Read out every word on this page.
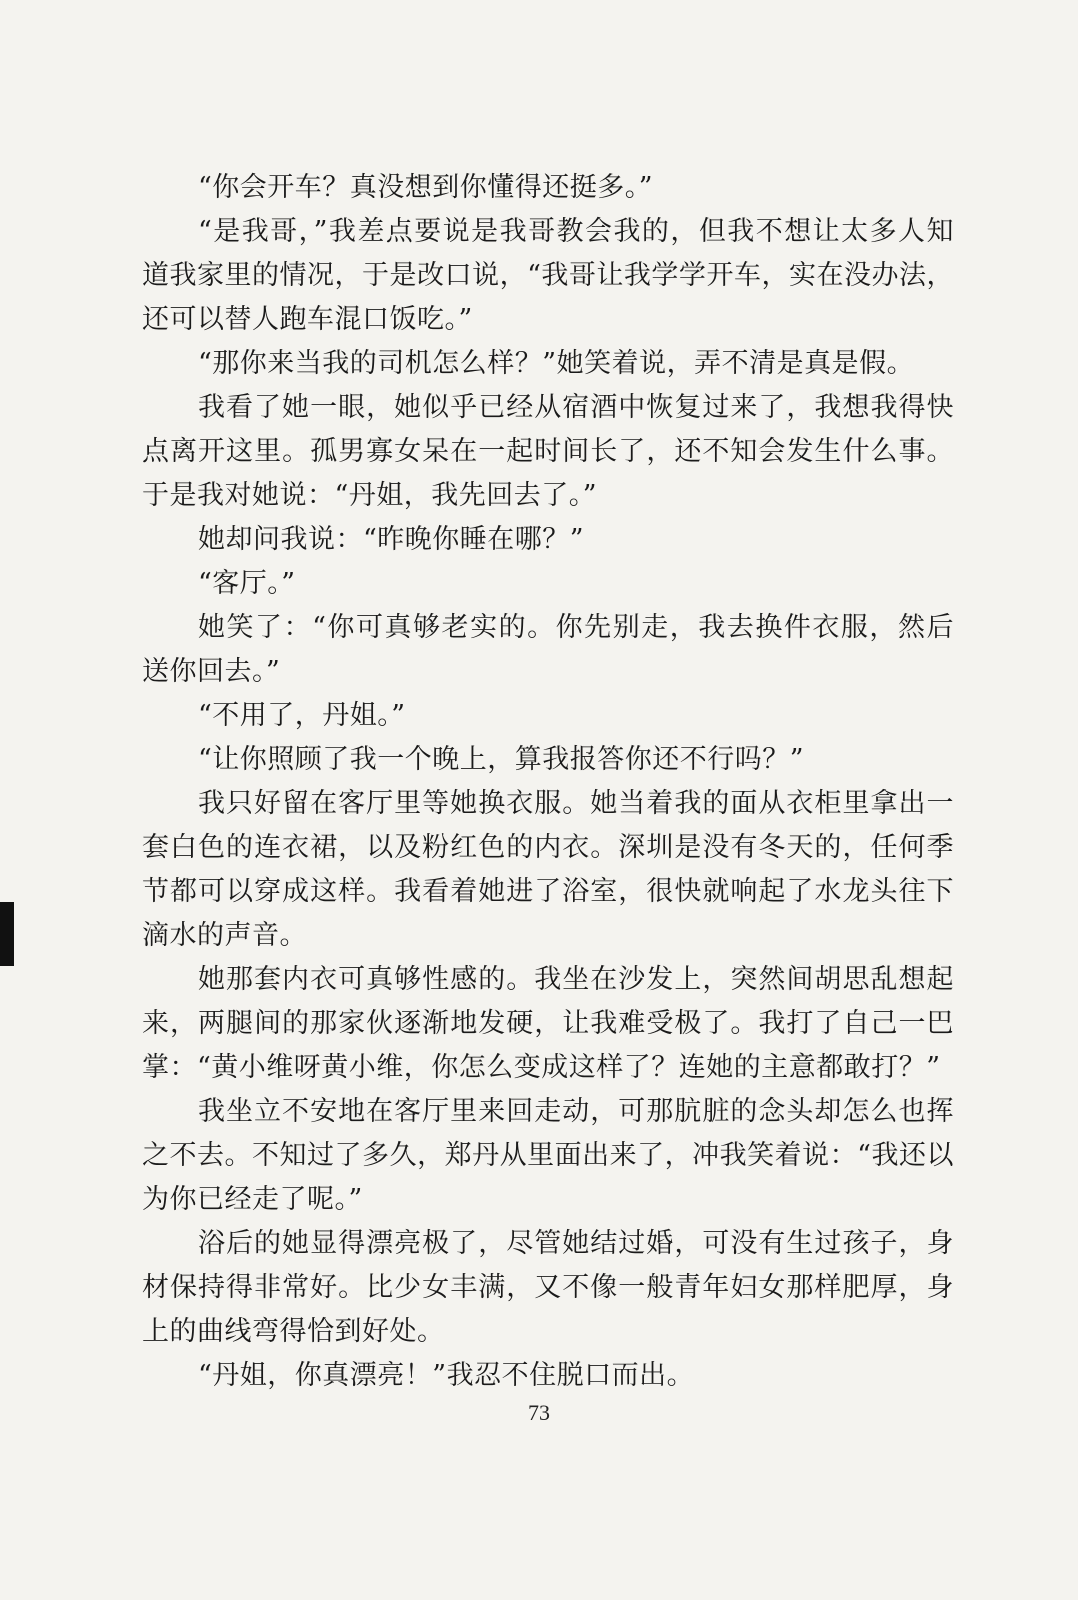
“你会开车？真没想到你懂得还挺多。”

“是我哥，”我差点要说是我哥教会我的，但我不想让太多人知道我家里的情况，于是改口说，“我哥让我学学开车，实在没办法，还可以替人跑车混口饭吃。”

“那你来当我的司机怎么样？”她笑着说，弄不清是真是假。

我看了她一眼，她似乎已经从宿酒中恢复过来了，我想我得快点离开这里。孤男寡女呆在一起时间长了，还不知会发生什么事。于是我对她说：“丹姐，我先回去了。”

她却问我说：“昨晚你睡在哪？”

“客厅。”

她笑了：“你可真够老实的。你先别走，我去换件衣服，然后送你回去。”

“不用了，丹姐。”

“让你照顾了我一个晚上，算我报答你还不行吗？”

我只好留在客厅里等她换衣服。她当着我的面从衣柜里拿出一套白色的连衣裙，以及粉红色的内衣。深圳是没有冬天的，任何季节都可以穿成这样。我看着她进了浴室，很快就响起了水龙头往下滴水的声音。

她那套内衣可真够性感的。我坐在沙发上，突然间胡思乱想起来，两腿间的那家伙逐渐地发硬，让我难受极了。我打了自己一巴掌：“黄小维呀黄小维，你怎么变成这样了？连她的主意都敢打？”

我坐立不安地在客厅里来回走动，可那肮脏的念头却怎么也挥之不去。不知过了多久，郑丹从里面出来了，冲我笑着说：“我还以为你已经走了呢。”

浴后的她显得漂亮极了，尽管她结过婚，可没有生过孩子，身材保持得非常好。比少女丰满，又不像一般青年妇女那样肥厚，身上的曲线弯得恰到好处。

“丹姐，你真漂亮！”我忍不住脱口而出。

73
